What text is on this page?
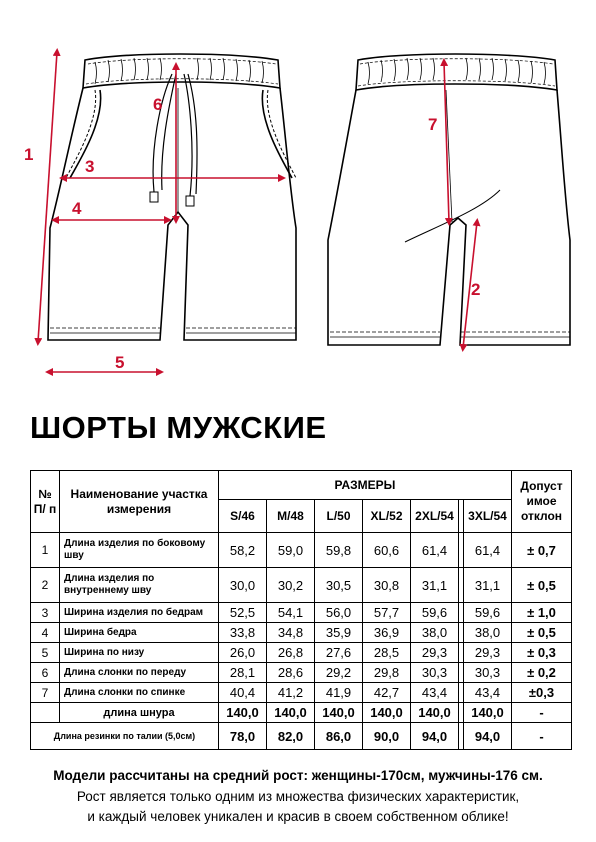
1
2
3
4
5
6
7
ШОРТЫ МУЖСКИЕ
№ П/ п	Наименование участка измерения	РАЗМЕРЫ							Допуст имое отклон
		S/46	M/48	L/50	XL/52	2XL/54		3XL/54	
1	Длина изделия по боковому шву	58,2	59,0	59,8	60,6	61,4		61,4	± 0,7
2	Длина изделия по внутреннему шву	30,0	30,2	30,5	30,8	31,1		31,1	± 0,5
3	Ширина изделия по бедрам	52,5	54,1	56,0	57,7	59,6		59,6	± 1,0
4	Ширина бедра	33,8	34,8	35,9	36,9	38,0		38,0	± 0,5
5	Ширина по низу	26,0	26,8	27,6	28,5	29,3		29,3	± 0,3
6	Длина слонки по переду	28,1	28,6	29,2	29,8	30,3		30,3	± 0,2
7	Длина слонки по спинке	40,4	41,2	41,9	42,7	43,4		43,4	±0,3
	длина шнура	140,0	140,0	140,0	140,0	140,0		140,0	-
Длина резинки по талии (5,0см)		78,0	82,0	86,0	90,0	94,0		94,0	-
Модели рассчитаны на средний рост: женщины-170см, мужчины-176 см.
Рост является только одним из множества физических характеристик,
и каждый человек уникален и красив в своем собственном облике!
